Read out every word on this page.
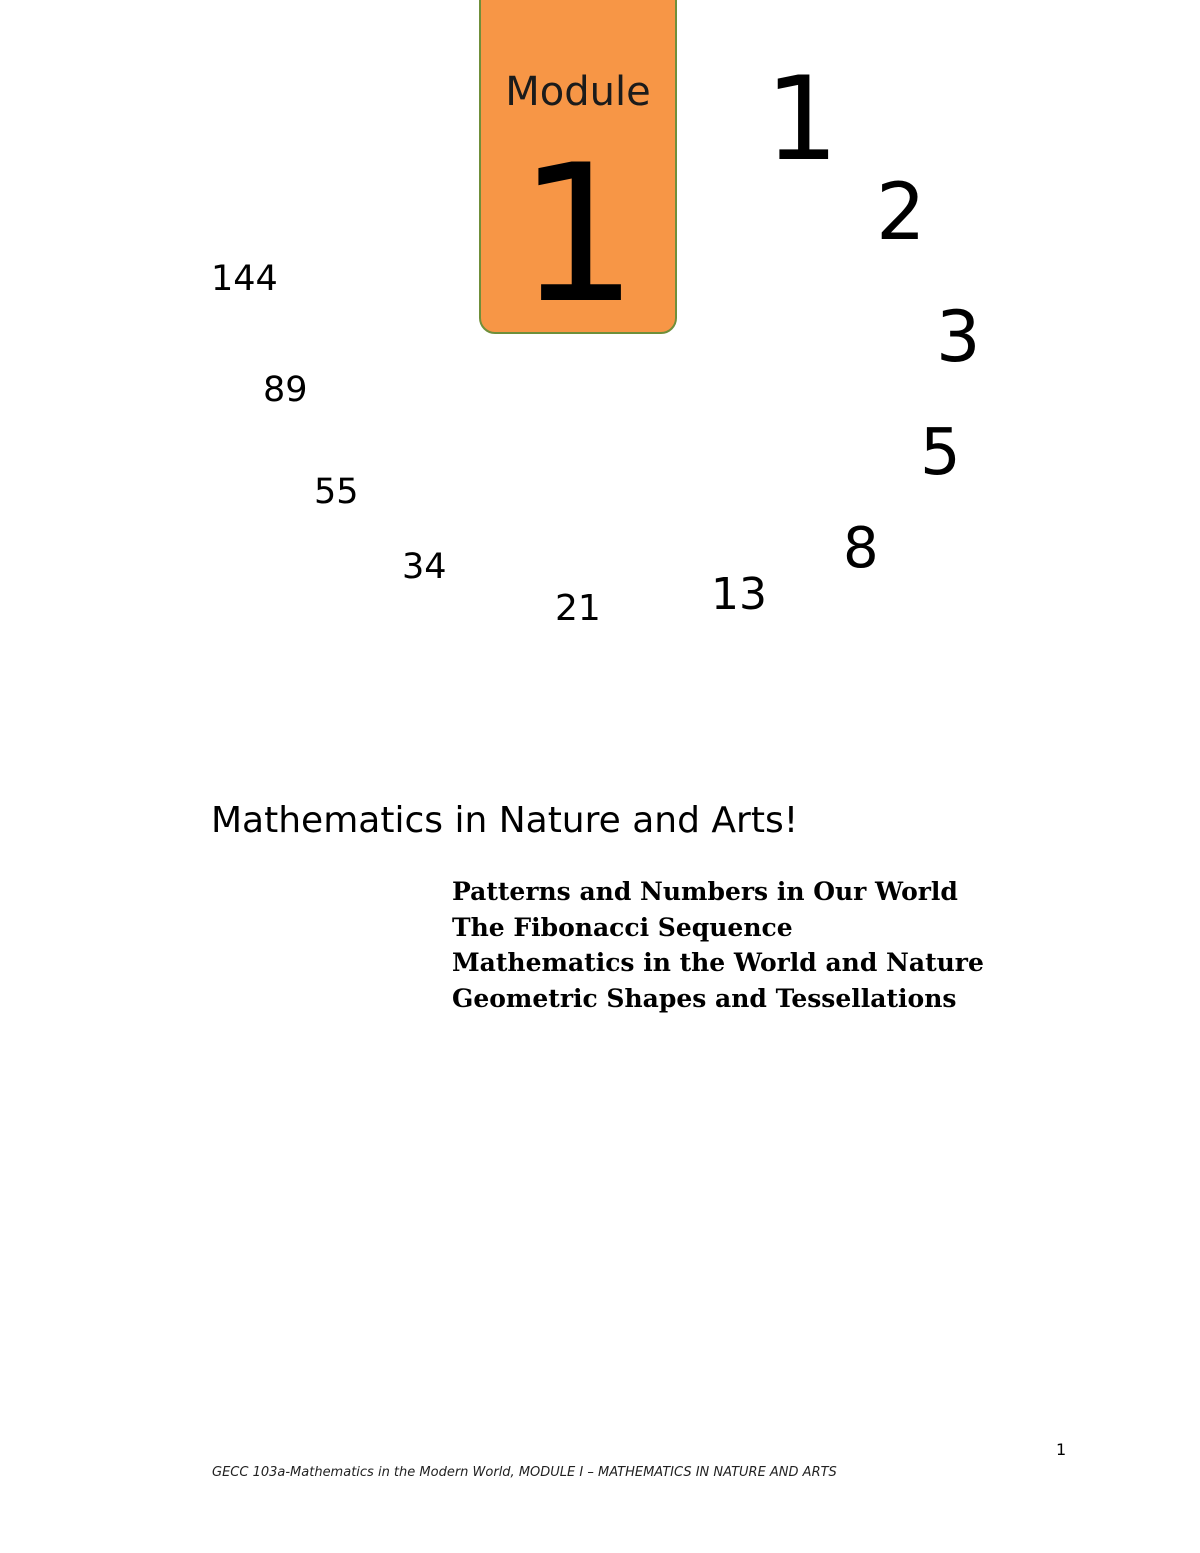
Module
1
1
2
3
5
8
13
21
34
55
89
144
Mathematics in Nature and Arts!
Patterns and Numbers in Our World
The Fibonacci Sequence
Mathematics in the World and Nature
Geometric Shapes and Tessellations
1
GECC 103a-Mathematics in the Modern World, MODULE I – MATHEMATICS IN NATURE AND ARTS
